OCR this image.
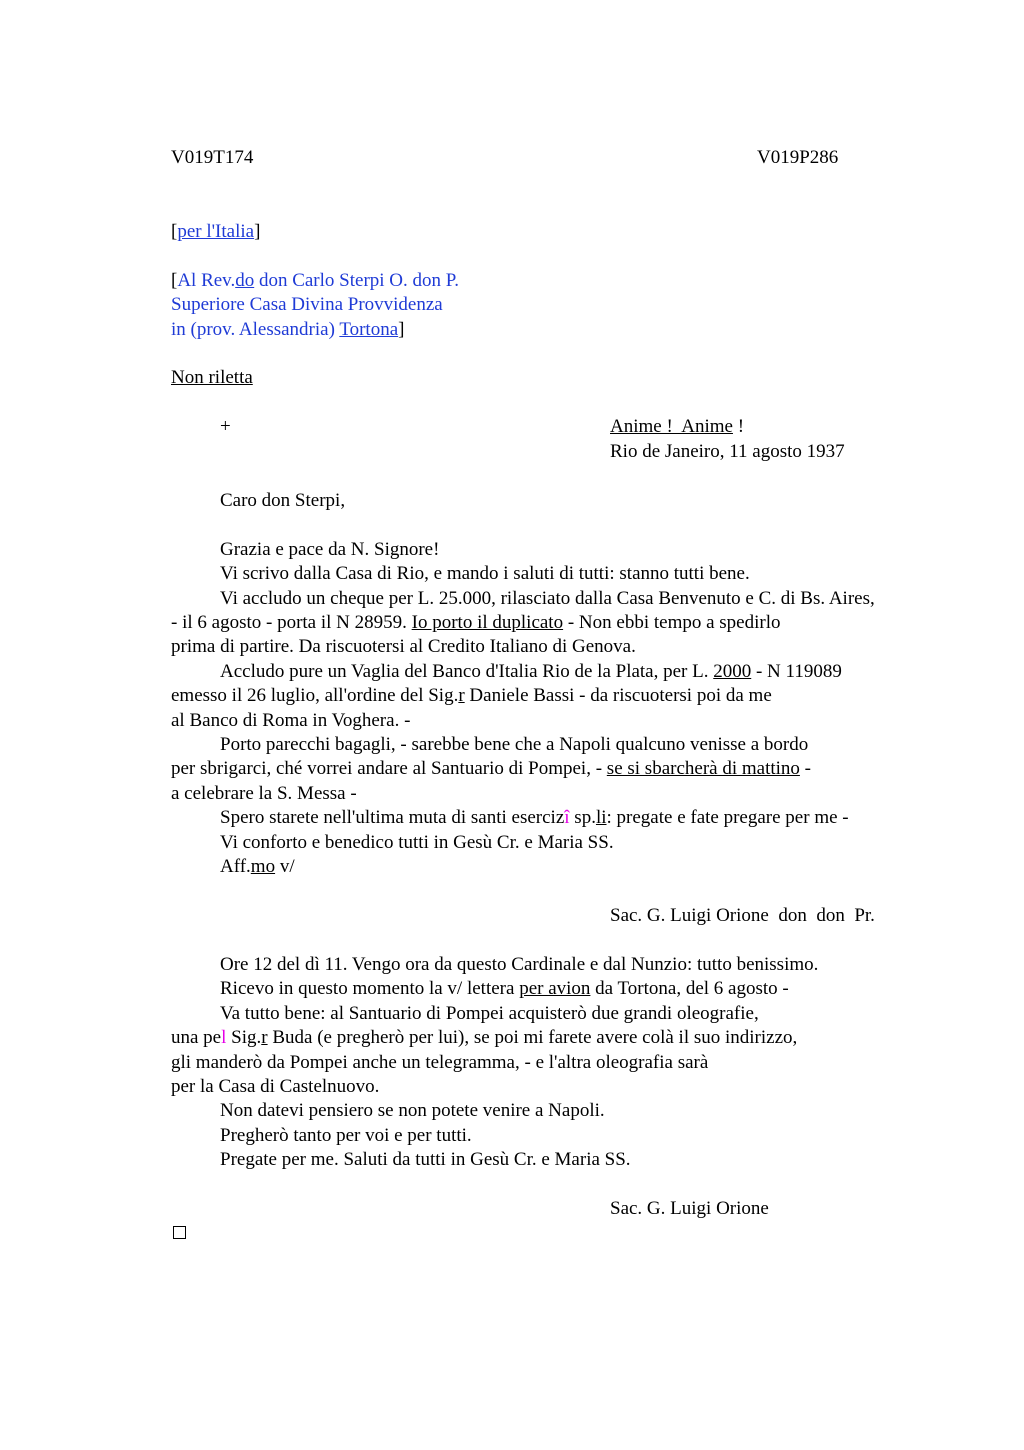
V019T174	V019P286
[per l'Italia]
[Al Rev.do don Carlo Sterpi O. don P.
Superiore Casa Divina Provvidenza
in (prov. Alessandria) Tortona]
Non riletta
+	Anime !  Anime !
Rio de Janeiro, 11 agosto 1937
Caro don Sterpi,
Grazia e pace da N. Signore!
Vi scrivo dalla Casa di Rio, e mando i saluti di tutti: stanno tutti bene.
Vi accludo un cheque per L. 25.000, rilasciato dalla Casa Benvenuto e C. di Bs. Aires,
- il 6 agosto - porta il N 28959. Io porto il duplicato - Non ebbi tempo a spedirlo
prima di partire. Da riscuotersi al Credito Italiano di Genova.
Accludo pure un Vaglia del Banco d'Italia Rio de la Plata, per L. 2000 - N 119089
emesso il 26 luglio, all'ordine del Sig.r Daniele Bassi - da riscuotersi poi da me
al Banco di Roma in Voghera. -
Porto parecchi bagagli, - sarebbe bene che a Napoli qualcuno venisse a bordo
per sbrigarci, ché vorrei andare al Santuario di Pompei, - se si sbarcherà di mattino -
a celebrare la S. Messa -
Spero starete nell'ultima muta di santi esercizî sp.li: pregate e fate pregare per me -
Vi conforto e benedico tutti in Gesù Cr. e Maria SS.
Aff.mo v/
Sac. G. Luigi Orione  don  don  Pr.
Ore 12 del dì 11. Vengo ora da questo Cardinale e dal Nunzio: tutto benissimo.
Ricevo in questo momento la v/ lettera per avion da Tortona, del 6 agosto -
Va tutto bene: al Santuario di Pompei acquisterò due grandi oleografie,
una pel Sig.r Buda (e pregherò per lui), se poi mi farete avere colà il suo indirizzo,
gli manderò da Pompei anche un telegramma, - e l'altra oleografia sarà
per la Casa di Castelnuovo.
Non datevi pensiero se non potete venire a Napoli.
Pregherò tanto per voi e per tutti.
Pregate per me. Saluti da tutti in Gesù Cr. e Maria SS.
Sac. G. Luigi Orione
